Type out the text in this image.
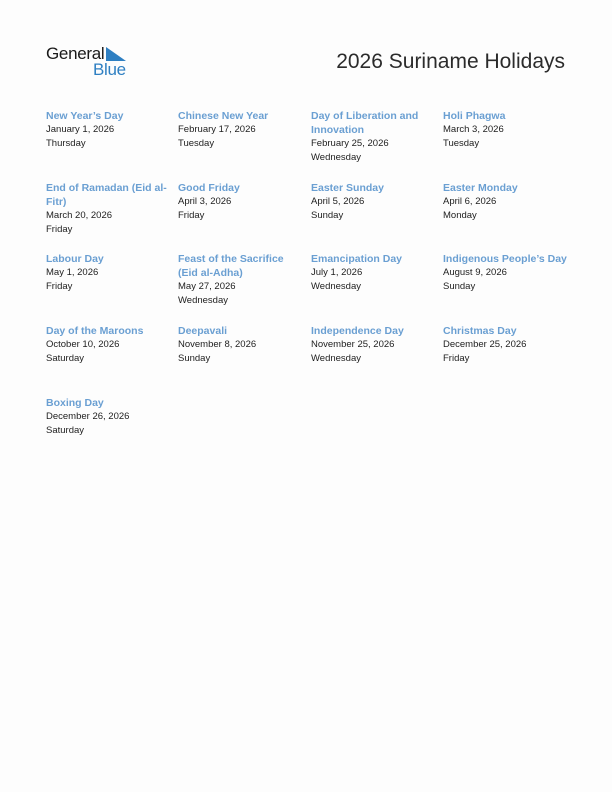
General
Blue	2026 Suriname Holidays
New Year’s Day
January 1, 2026
Thursday
Chinese New Year
February 17, 2026
Tuesday
Day of Liberation and Innovation
February 25, 2026
Wednesday
Holi Phagwa
March 3, 2026
Tuesday
End of Ramadan (Eid al-Fitr)
March 20, 2026
Friday
Good Friday
April 3, 2026
Friday
Easter Sunday
April 5, 2026
Sunday
Easter Monday
April 6, 2026
Monday
Labour Day
May 1, 2026
Friday
Feast of the Sacrifice (Eid al-Adha)
May 27, 2026
Wednesday
Emancipation Day
July 1, 2026
Wednesday
Indigenous People’s Day
August 9, 2026
Sunday
Day of the Maroons
October 10, 2026
Saturday
Deepavali
November 8, 2026
Sunday
Independence Day
November 25, 2026
Wednesday
Christmas Day
December 25, 2026
Friday
Boxing Day
December 26, 2026
Saturday
